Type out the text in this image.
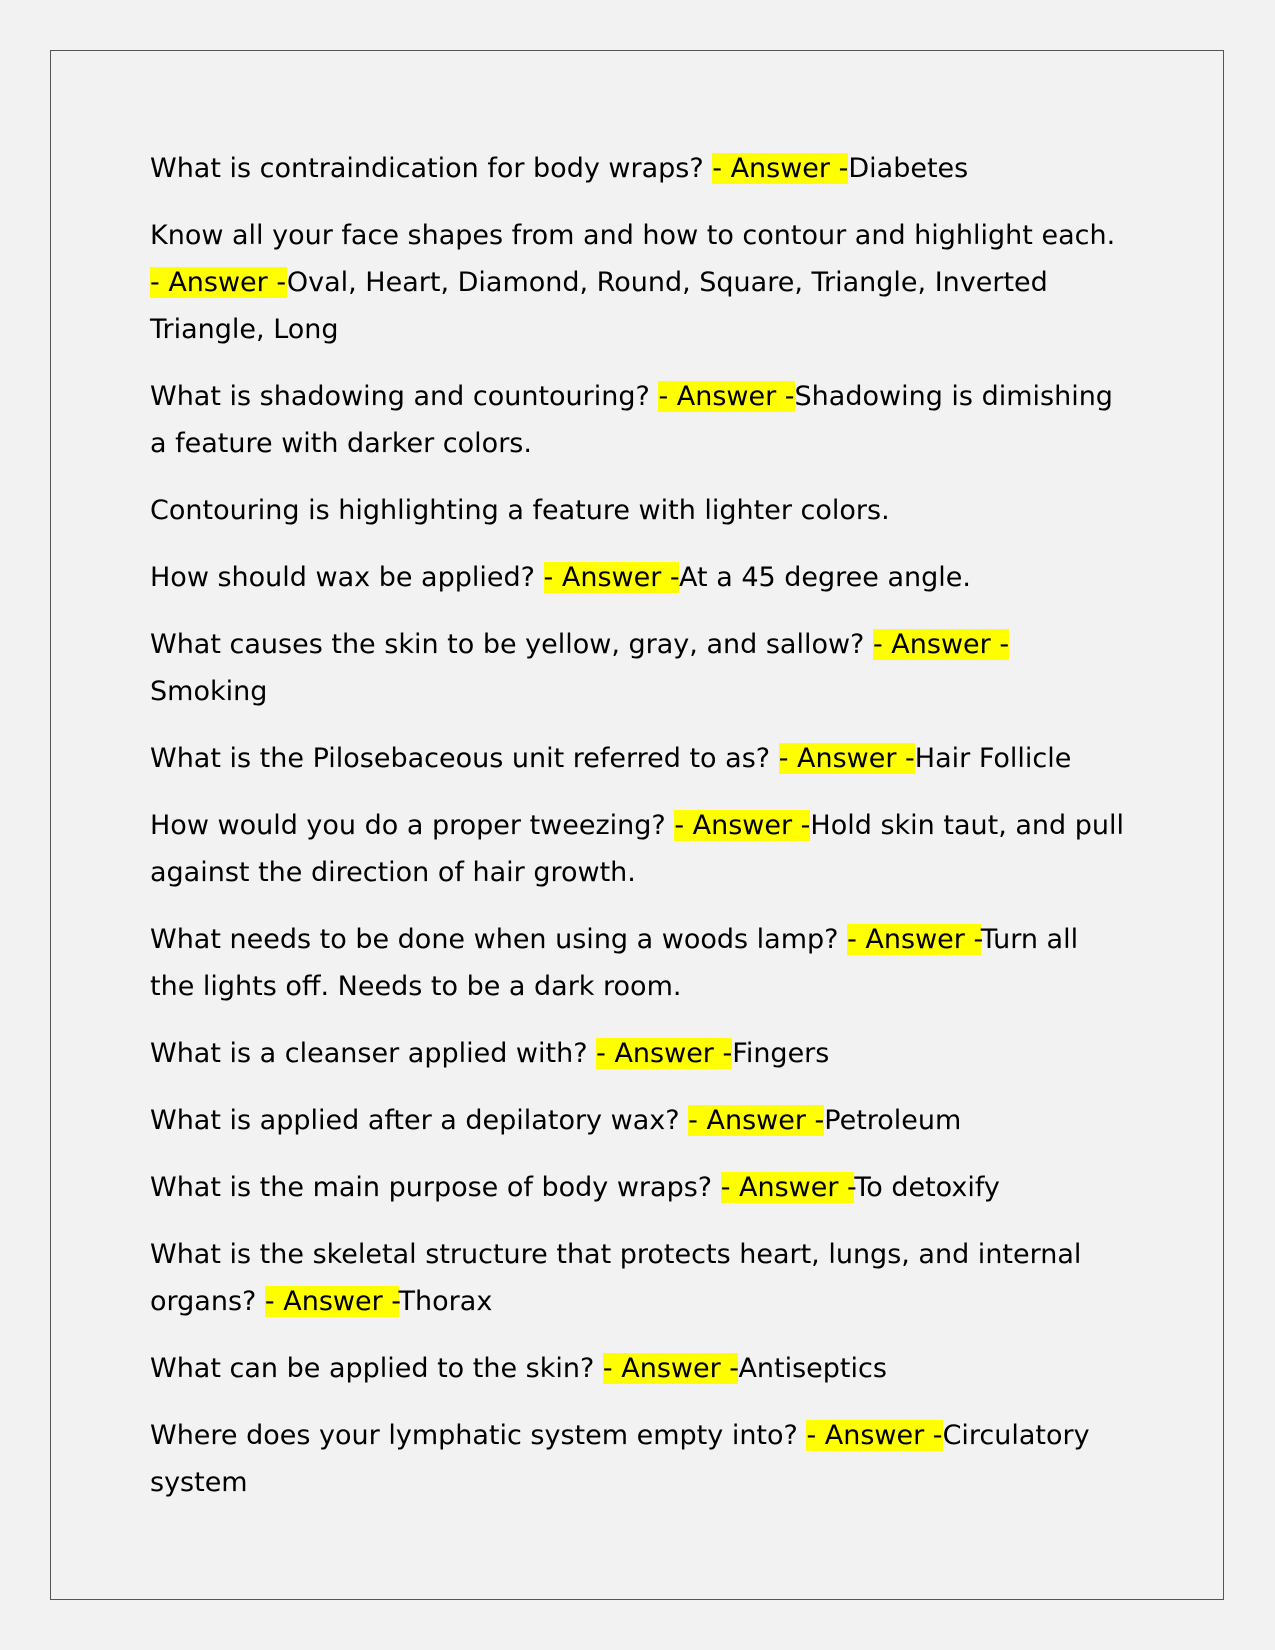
What is contraindication for body wraps? - Answer -Diabetes

Know all your face shapes from and how to contour and highlight each. - Answer -Oval, Heart, Diamond, Round, Square, Triangle, Inverted Triangle, Long

What is shadowing and countouring? - Answer -Shadowing is dimishing a feature with darker colors.

Contouring is highlighting a feature with lighter colors.

How should wax be applied? - Answer -At a 45 degree angle.

What causes the skin to be yellow, gray, and sallow? - Answer -Smoking

What is the Pilosebaceous unit referred to as? - Answer -Hair Follicle

How would you do a proper tweezing? - Answer -Hold skin taut, and pull against the direction of hair growth.

What needs to be done when using a woods lamp? - Answer -Turn all the lights off. Needs to be a dark room.

What is a cleanser applied with? - Answer -Fingers

What is applied after a depilatory wax? - Answer -Petroleum

What is the main purpose of body wraps? - Answer -To detoxify

What is the skeletal structure that protects heart, lungs, and internal organs? - Answer -Thorax

What can be applied to the skin? - Answer -Antiseptics

Where does your lymphatic system empty into? - Answer -Circulatory system
